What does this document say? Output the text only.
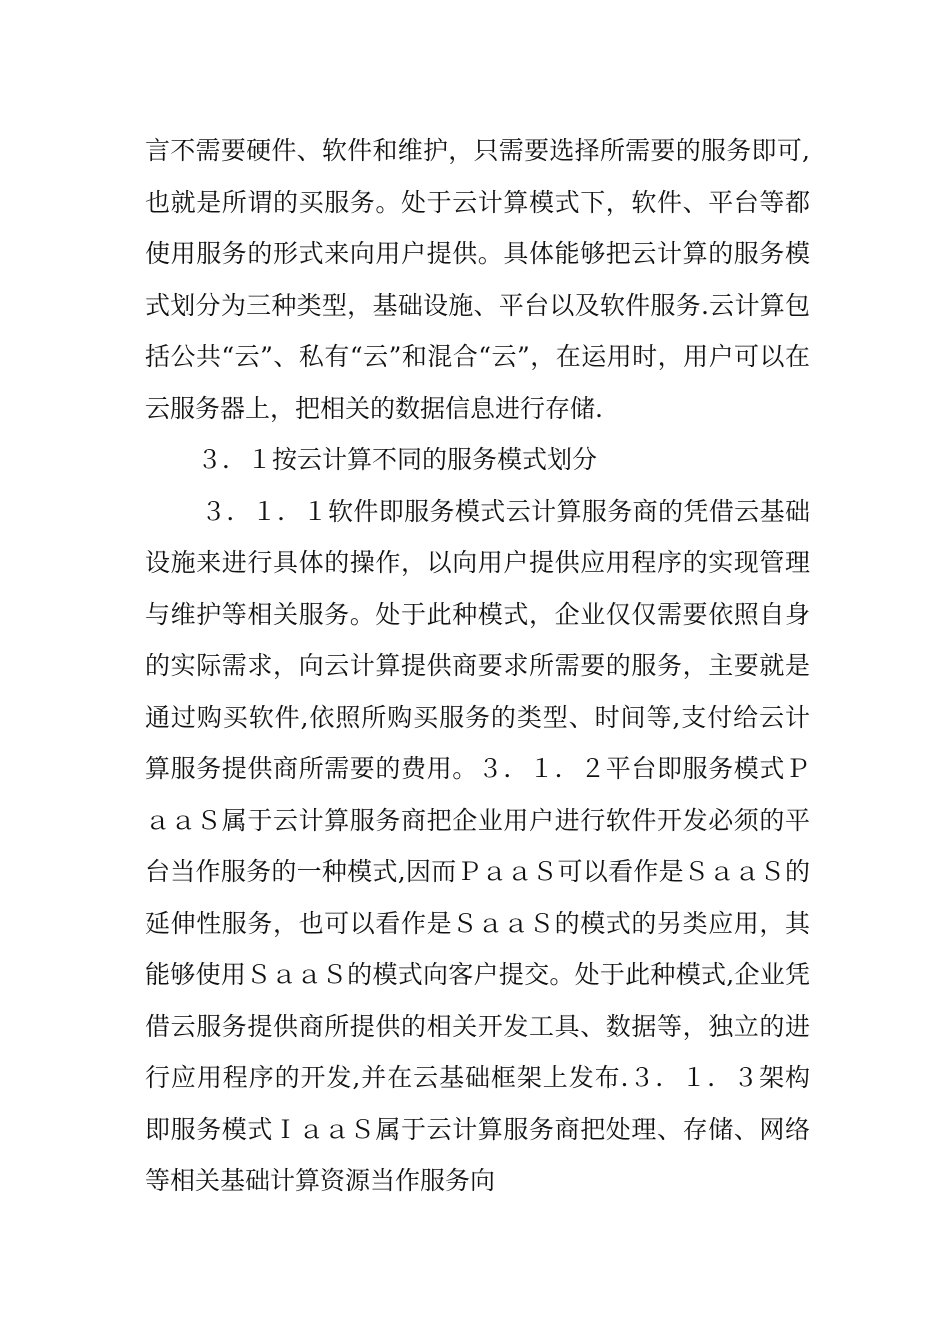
言不需要硬件、软件和维护，只需要选择所需要的服务即可,也就是所谓的买服务。处于云计算模式下，软件、平台等都使用服务的形式来向用户提供。具体能够把云计算的服务模式划分为三种类型，基础设施、平台以及软件服务.云计算包括公共“云”、私有“云”和混合“云”，在运用时，用户可以在云服务器上，把相关的数据信息进行存储.

３．１按云计算不同的服务模式划分

３．１．１软件即服务模式云计算服务商的凭借云基础设施来进行具体的操作，以向用户提供应用程序的实现管理与维护等相关服务。处于此种模式，企业仅仅需要依照自身的实际需求，向云计算提供商要求所需要的服务，主要就是通过购买软件,依照所购买服务的类型、时间等,支付给云计算服务提供商所需要的费用。３．１．２平台即服务模式ＰａａＳ属于云计算服务商把企业用户进行软件开发必须的平台当作服务的一种模式,因而ＰａａＳ可以看作是ＳａａＳ的延伸性服务，也可以看作是ＳａａＳ的模式的另类应用，其能够使用ＳａａＳ的模式向客户提交。处于此种模式,企业凭借云服务提供商所提供的相关开发工具、数据等，独立的进行应用程序的开发,并在云基础框架上发布.３．１．３架构即服务模式ＩａａＳ属于云计算服务商把处理、存储、网络等相关基础计算资源当作服务向
